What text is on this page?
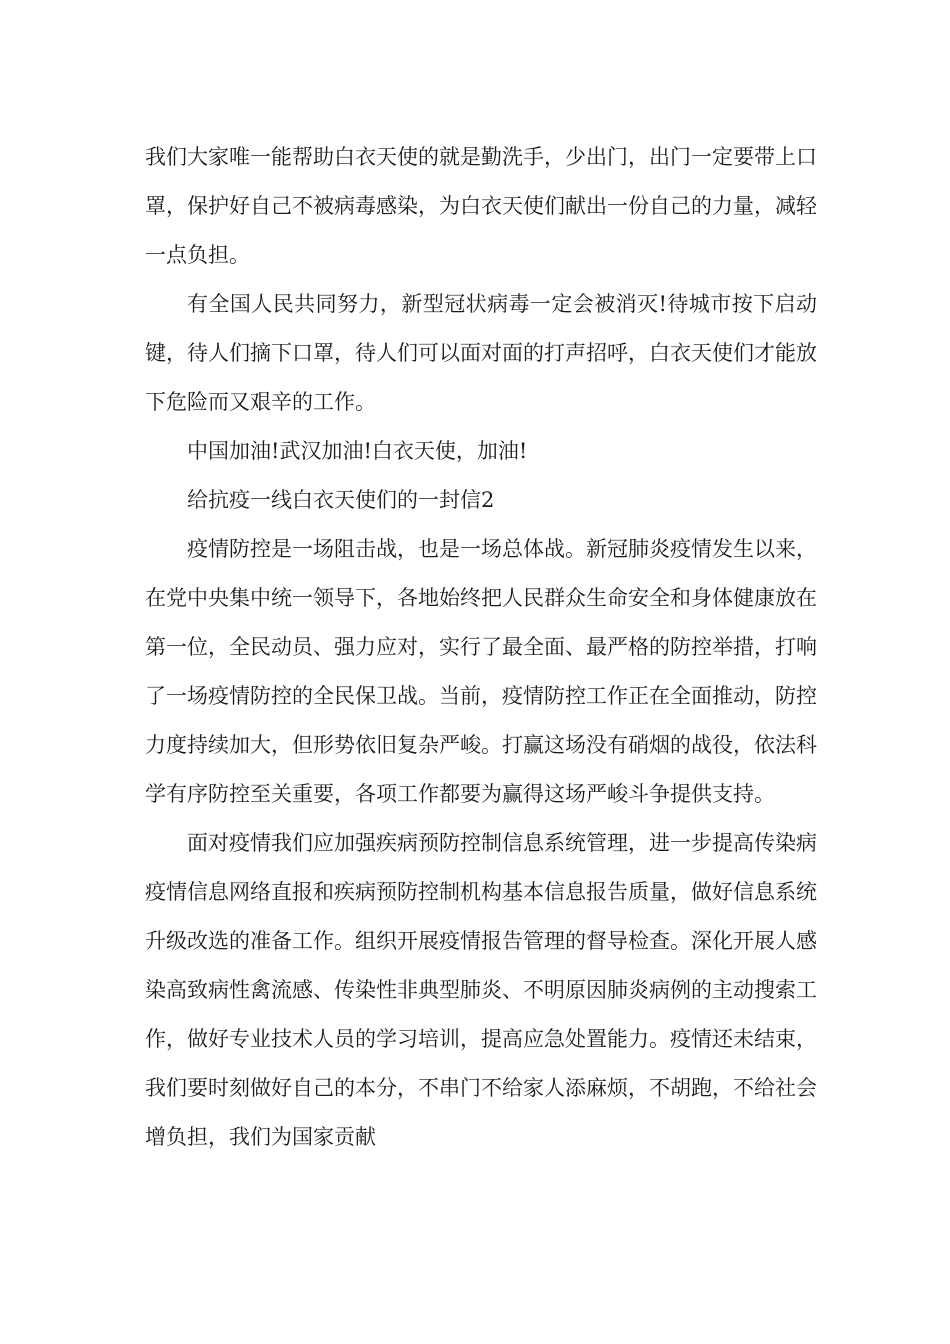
我们大家唯一能帮助白衣天使的就是勤洗手，少出门，出门一定要带上口罩，保护好自己不被病毒感染，为白衣天使们献出一份自己的力量，减轻一点负担。

有全国人民共同努力，新型冠状病毒一定会被消灭!待城市按下启动键，待人们摘下口罩，待人们可以面对面的打声招呼，白衣天使们才能放下危险而又艰辛的工作。

中国加油!武汉加油!白衣天使，加油!

给抗疫一线白衣天使们的一封信2

疫情防控是一场阻击战，也是一场总体战。新冠肺炎疫情发生以来，在党中央集中统一领导下，各地始终把人民群众生命安全和身体健康放在第一位，全民动员、强力应对，实行了最全面、最严格的防控举措，打响了一场疫情防控的全民保卫战。当前，疫情防控工作正在全面推动，防控力度持续加大，但形势依旧复杂严峻。打赢这场没有硝烟的战役，依法科学有序防控至关重要，各项工作都要为赢得这场严峻斗争提供支持。

面对疫情我们应加强疾病预防控制信息系统管理，进一步提高传染病疫情信息网络直报和疾病预防控制机构基本信息报告质量，做好信息系统升级改选的准备工作。组织开展疫情报告管理的督导检查。深化开展人感染高致病性禽流感、传染性非典型肺炎、不明原因肺炎病例的主动搜索工作，做好专业技术人员的学习培训，提高应急处置能力。疫情还未结束，我们要时刻做好自己的本分，不串门不给家人添麻烦，不胡跑，不给社会增负担，我们为国家贡献
